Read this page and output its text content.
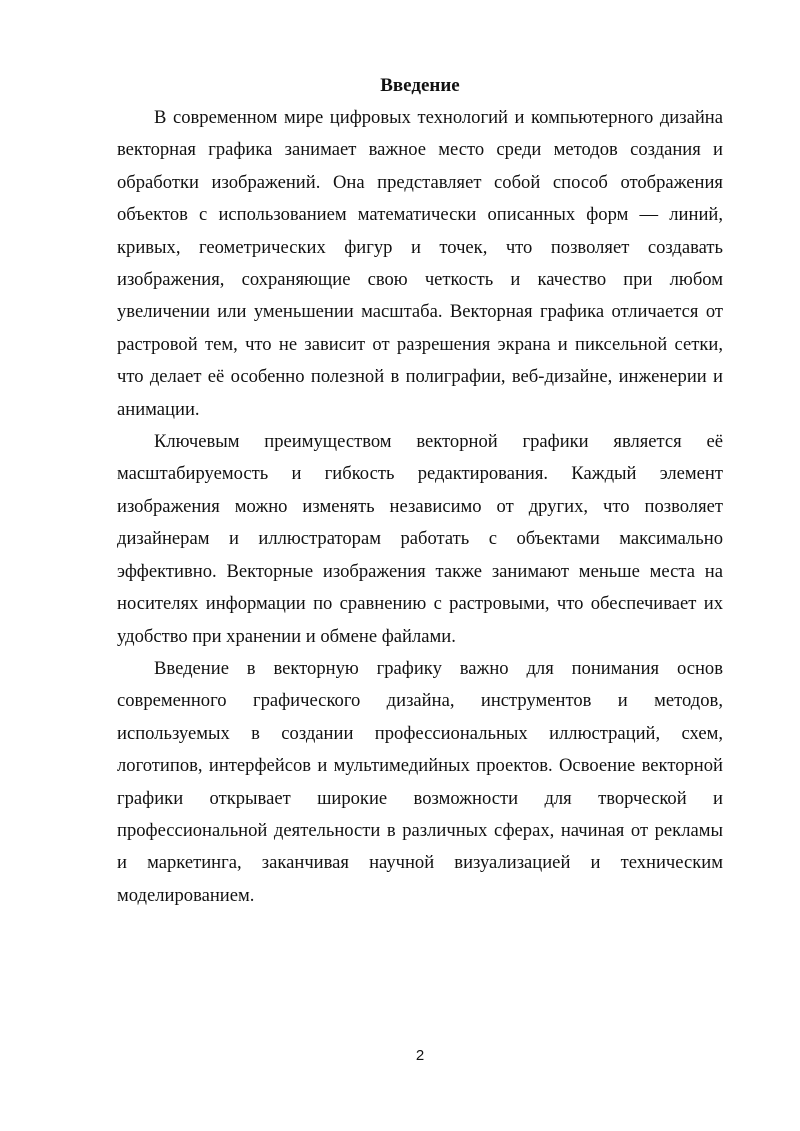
Введение

В современном мире цифровых технологий и компьютерного дизайна векторная графика занимает важное место среди методов создания и обработки изображений. Она представляет собой способ отображения объектов с использованием математически описанных форм — линий, кривых, геометрических фигур и точек, что позволяет создавать изображения, сохраняющие свою четкость и качество при любом увеличении или уменьшении масштаба. Векторная графика отличается от растровой тем, что не зависит от разрешения экрана и пиксельной сетки, что делает её особенно полезной в полиграфии, веб-дизайне, инженерии и анимации.

Ключевым преимуществом векторной графики является её масштабируемость и гибкость редактирования. Каждый элемент изображения можно изменять независимо от других, что позволяет дизайнерам и иллюстраторам работать с объектами максимально эффективно. Векторные изображения также занимают меньше места на носителях информации по сравнению с растровыми, что обеспечивает их удобство при хранении и обмене файлами.

Введение в векторную графику важно для понимания основ современного графического дизайна, инструментов и методов, используемых в создании профессиональных иллюстраций, схем, логотипов, интерфейсов и мультимедийных проектов. Освоение векторной графики открывает широкие возможности для творческой и профессиональной деятельности в различных сферах, начиная от рекламы и маркетинга, заканчивая научной визуализацией и техническим моделированием.

2
